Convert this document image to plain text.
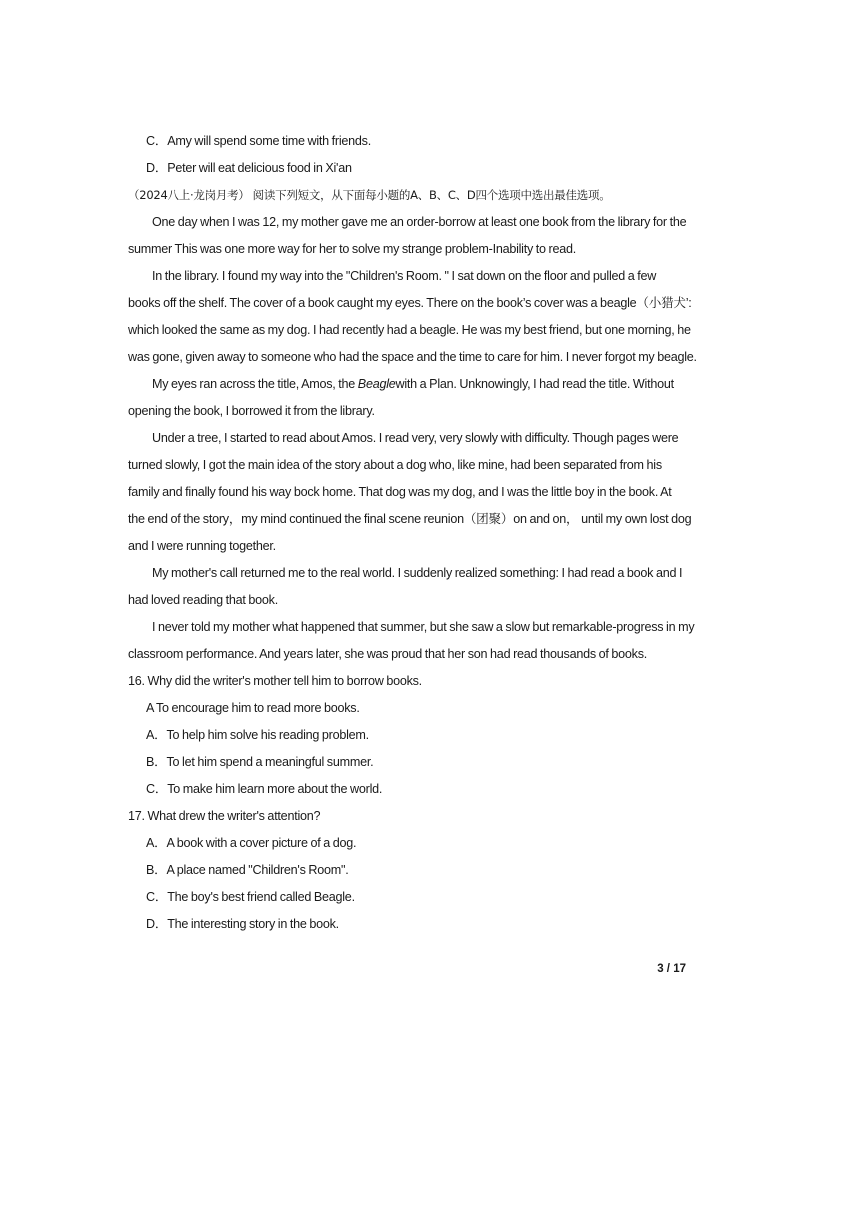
C．Amy will spend some time with friends.
D．Peter will eat delicious food in Xi'an
（2024八上·龙岗月考） 阅读下列短文，从下面每小题的A、B、C、D四个选项中选出最佳选项。
One day when I was 12, my mother gave me an order-borrow at least one book from the library for the
summer This was one more way for her to solve my strange problem-Inability to read.
In the library. I found my way into the "Children's Room. " I sat down on the floor and pulled a few
books off the shelf. The cover of a book caught my eyes. There on the book’s cover was a beagle（小猎犬’:
which looked the same as my dog. I had recently had a beagle. He was my best friend, but one morning, he
was gone, given away to someone who had the space and the time to care for him. I never forgot my beagle.
My eyes ran across the title, Amos, the Beaglewith a Plan. Unknowingly, I had read the title. Without
opening the book, I borrowed it from the library.
Under a tree, I started to read about Amos. I read very, very slowly with difficulty. Though pages were
turned slowly, I got the main idea of the story about a dog who, like mine, had been separated from his
family and finally found his way bock home. That dog was my dog, and I was the little boy in the book. At
the end of the story，my mind continued the final scene reunion（团聚）on and on， until my own lost dog
and I were running together.
My mother's call returned me to the real world. I suddenly realized something: I had read a book and I
had loved reading that book.
I never told my mother what happened that summer, but she saw a slow but remarkable-progress in my
classroom performance. And years later, she was proud that her son had read thousands of books.
16. Why did the writer's mother tell him to borrow books.
A To encourage him to read more books.
A．To help him solve his reading problem.
B．To let him spend a meaningful summer.
C．To make him learn more about the world.
17. What drew the writer's attention?
A．A book with a cover picture of a dog.
B．A place named "Children's Room".
C．The boy's best friend called Beagle.
D．The interesting story in the book.
3 / 17
